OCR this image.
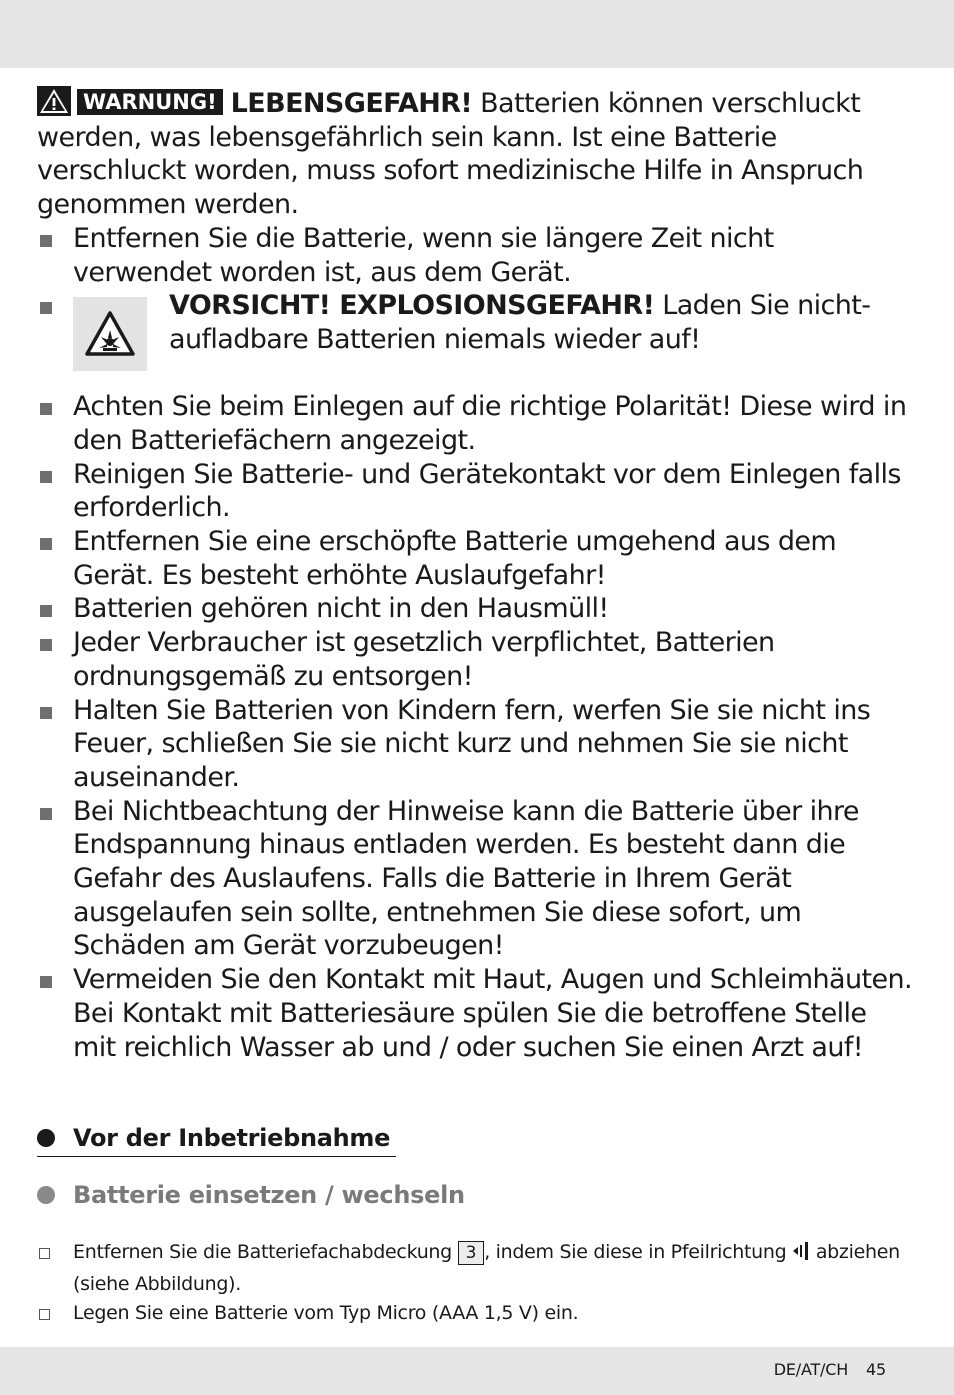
WARNUNG! LEBENSGEFAHR! Batterien können verschluckt werden, was lebensgefährlich sein kann. Ist eine Batterie verschluckt worden, muss sofort medizinische Hilfe in Anspruch genommen werden.

Entfernen Sie die Batterie, wenn sie längere Zeit nicht verwendet worden ist, aus dem Gerät.
VORSICHT! EXPLOSIONSGEFAHR! Laden Sie nicht-aufladbare Batterien niemals wieder auf!
Achten Sie beim Einlegen auf die richtige Polarität! Diese wird in den Batteriefächern angezeigt.
Reinigen Sie Batterie- und Gerätekontakt vor dem Einlegen falls erforderlich.
Entfernen Sie eine erschöpfte Batterie umgehend aus dem Gerät. Es besteht erhöhte Auslaufgefahr!
Batterien gehören nicht in den Hausmüll!
Jeder Verbraucher ist gesetzlich verpflichtet, Batterien ordnungsgemäß zu entsorgen!
Halten Sie Batterien von Kindern fern, werfen Sie sie nicht ins Feuer, schließen Sie sie nicht kurz und nehmen Sie sie nicht auseinander.
Bei Nichtbeachtung der Hinweise kann die Batterie über ihre Endspannung hinaus entladen werden. Es besteht dann die Gefahr des Auslaufens. Falls die Batterie in Ihrem Gerät ausgelaufen sein sollte, entnehmen Sie diese sofort, um Schäden am Gerät vorzubeugen!
Vermeiden Sie den Kontakt mit Haut, Augen und Schleimhäuten. Bei Kontakt mit Batteriesäure spülen Sie die betroffene Stelle mit reichlich Wasser ab und / oder suchen Sie einen Arzt auf!
Vor der Inbetriebnahme
Batterie einsetzen / wechseln
Entfernen Sie die Batteriefachabdeckung 3 , indem Sie diese in Pfeilrichtung  abziehen (siehe Abbildung).
Legen Sie eine Batterie vom Typ Micro (AAA 1,5 V) ein.
DE/AT/CH 45
